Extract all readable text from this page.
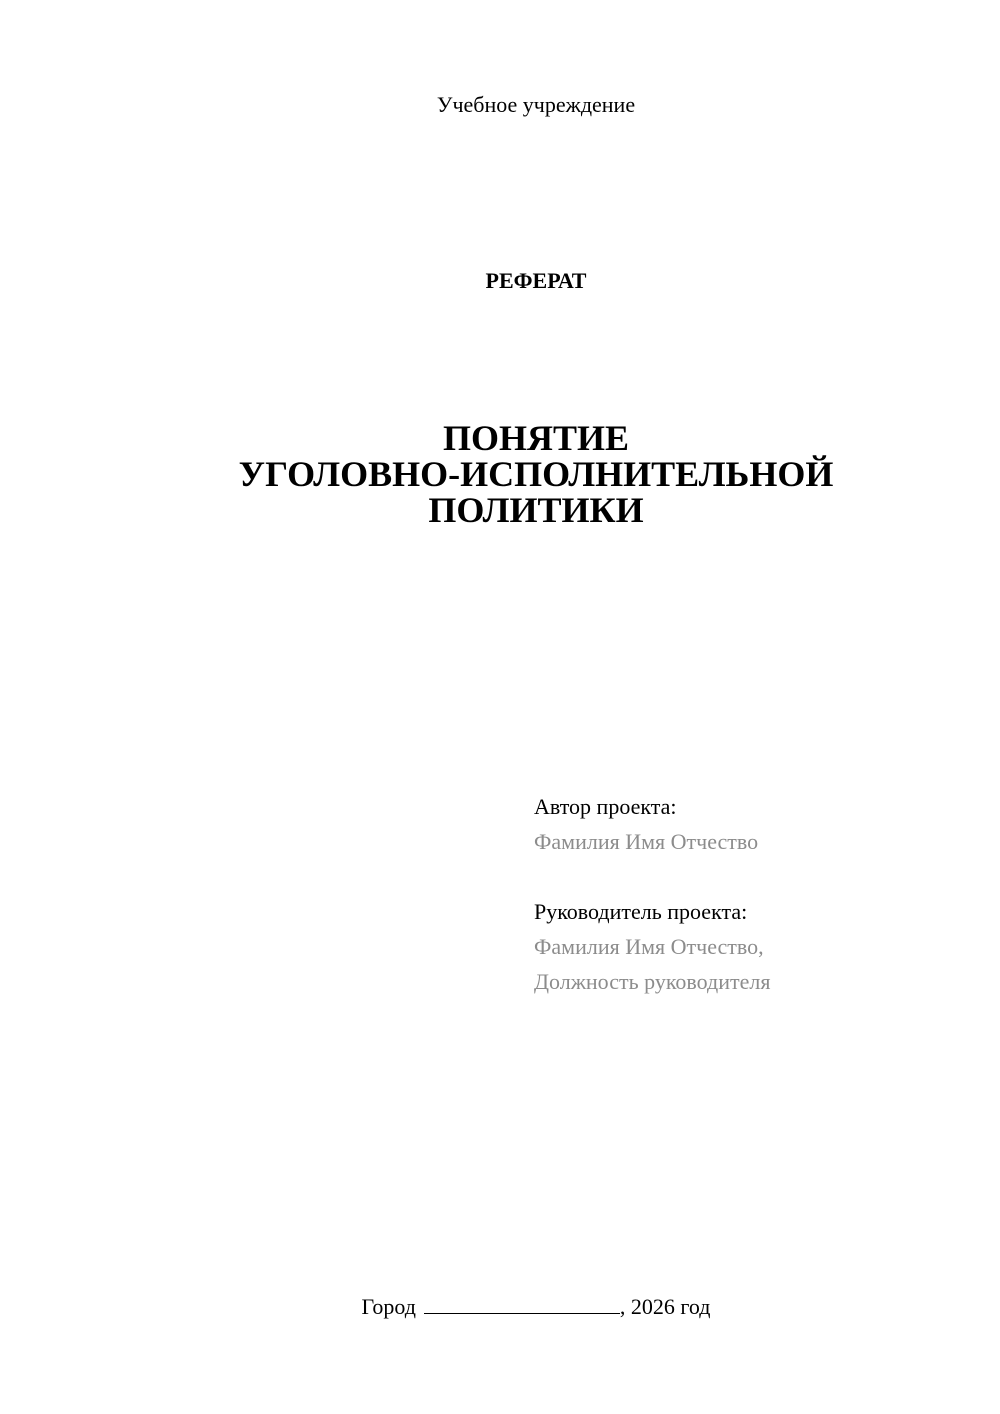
Учебное учреждение
РЕФЕРАТ
ПОНЯТИЕ
УГОЛОВНО-ИСПОЛНИТЕЛЬНОЙ
ПОЛИТИКИ
Автор проекта:
Фамилия Имя Отчество
Руководитель проекта:
Фамилия Имя Отчество,
Должность руководителя
Город	, 2026 год
